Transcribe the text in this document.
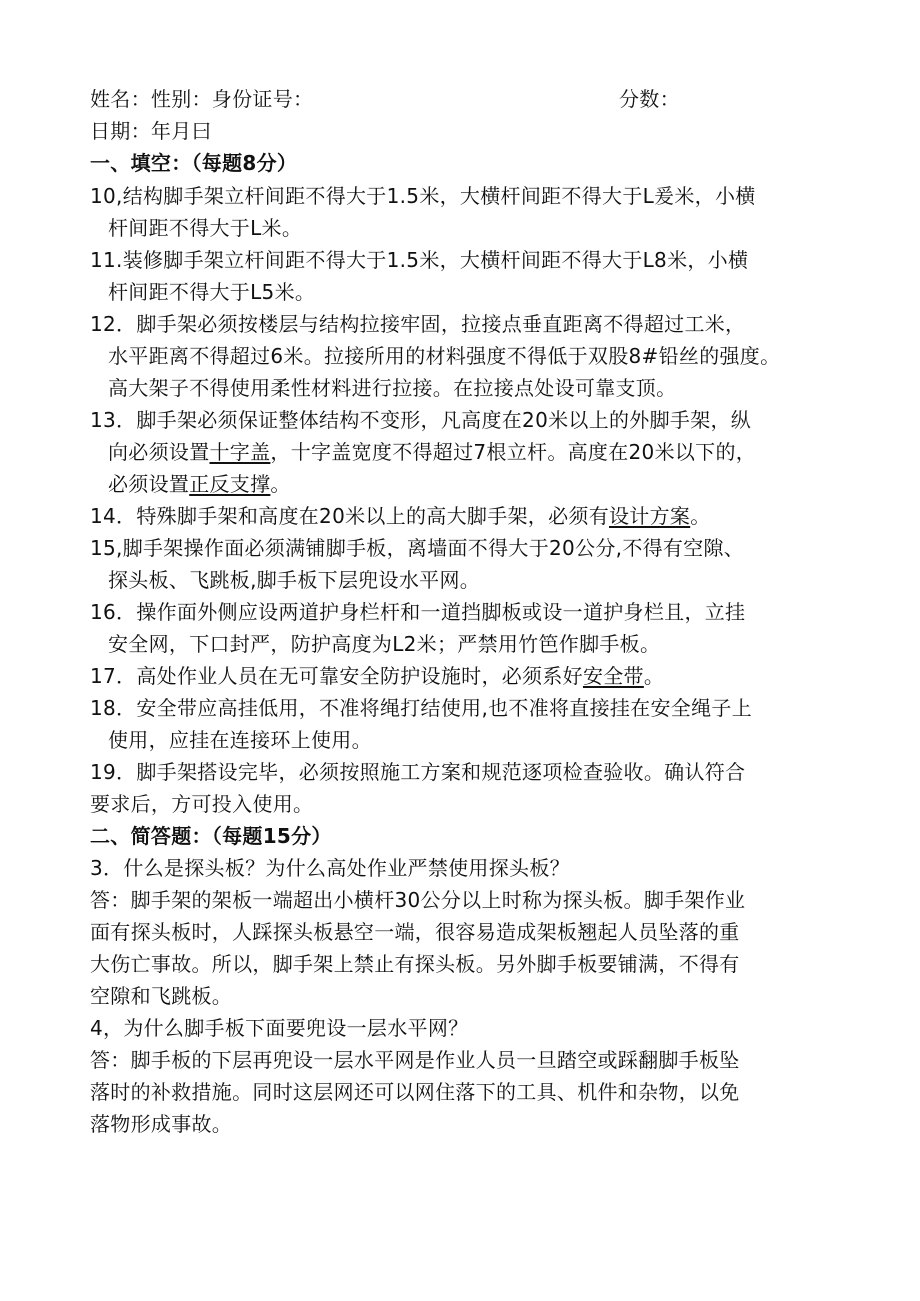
姓名：性别：身份证号：	分数：
日期：年月曰
一、填空：（每题8分）
10,结构脚手架立杆间距不得大于1.5米，大横杆间距不得大于L爰米，小横
杆间距不得大于L米。
11.装修脚手架立杆间距不得大于1.5米，大横杆间距不得大于L8米，小横
杆间距不得大于L5米。
12．脚手架必须按楼层与结构拉接牢固，拉接点垂直距离不得超过工米，
水平距离不得超过6米。拉接所用的材料强度不得低于双股8#铅丝的强度。
高大架子不得使用柔性材料进行拉接。在拉接点处设可靠支顶。
13．脚手架必须保证整体结构不变形，凡高度在20米以上的外脚手架，纵
向必须设置十字盖，十字盖宽度不得超过7根立杆。高度在20米以下的，
必须设置正反支撑。
14．特殊脚手架和高度在20米以上的高大脚手架，必须有设计方案。
15,脚手架操作面必须满铺脚手板，离墙面不得大于20公分,不得有空隙、
探头板、飞跳板,脚手板下层兜设水平网。
16．操作面外侧应设两道护身栏杆和一道挡脚板或设一道护身栏且，立挂
安全网，下口封严，防护高度为L2米；严禁用竹笆作脚手板。
17．高处作业人员在无可靠安全防护设施时，必须系好安全带。
18．安全带应高挂低用，不准将绳打结使用,也不准将直接挂在安全绳子上
使用，应挂在连接环上使用。
19．脚手架搭设完毕，必须按照施工方案和规范逐项检查验收。确认符合
要求后，方可投入使用。
二、简答题：（每题15分）
3．什么是探头板？为什么高处作业严禁使用探头板？
答：脚手架的架板一端超出小横杆30公分以上时称为探头板。脚手架作业
面有探头板时，人踩探头板悬空一端，很容易造成架板翘起人员坠落的重
大伤亡事故。所以，脚手架上禁止有探头板。另外脚手板要铺满，不得有
空隙和飞跳板。
4，为什么脚手板下面要兜设一层水平网？
答：脚手板的下层再兜设一层水平网是作业人员一旦踏空或踩翻脚手板坠
落时的补救措施。同时这层网还可以网住落下的工具、机件和杂物，以免
落物形成事故。
